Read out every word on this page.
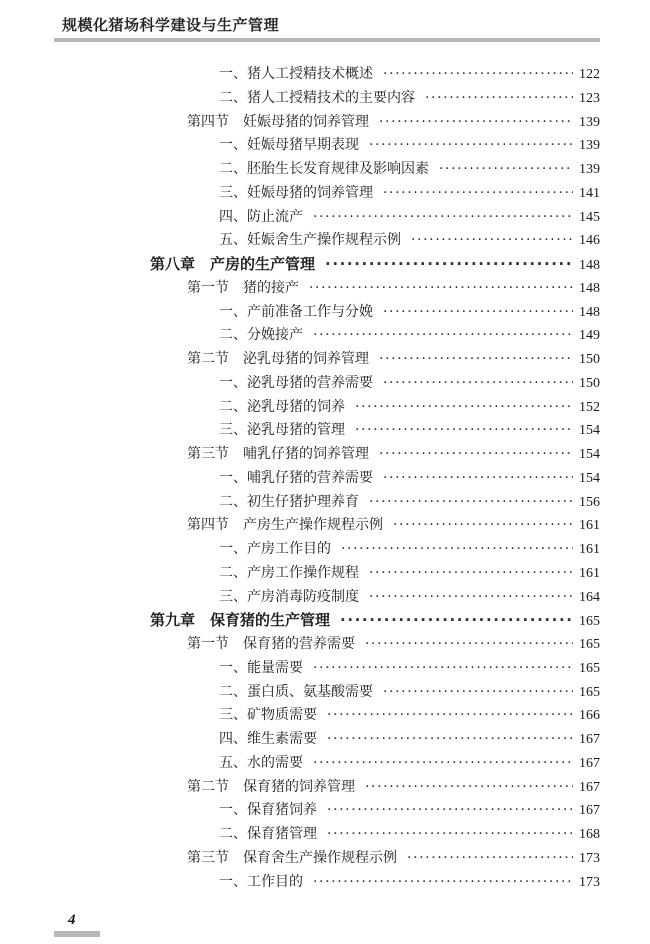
规模化猪场科学建设与生产管理
一、猪人工授精技术概述 ·····	122
二、猪人工授精技术的主要内容 ·····	123
第四节　妊娠母猪的饲养管理 ·····	139
一、妊娠母猪早期表现 ·····	139
二、胚胎生长发育规律及影响因素 ·····	139
三、妊娠母猪的饲养管理 ·····	141
四、防止流产 ·····	145
五、妊娠舍生产操作规程示例 ·····	146
第八章　产房的生产管理 ·····	148
第一节　猪的接产 ·····	148
一、产前准备工作与分娩 ·····	148
二、分娩接产 ·····	149
第二节　泌乳母猪的饲养管理 ·····	150
一、泌乳母猪的营养需要 ·····	150
二、泌乳母猪的饲养 ·····	152
三、泌乳母猪的管理 ·····	154
第三节　哺乳仔猪的饲养管理 ·····	154
一、哺乳仔猪的营养需要 ·····	154
二、初生仔猪护理养育 ·····	156
第四节　产房生产操作规程示例 ·····	161
一、产房工作目的 ·····	161
二、产房工作操作规程 ·····	161
三、产房消毒防疫制度 ·····	164
第九章　保育猪的生产管理 ·····	165
第一节　保育猪的营养需要 ·····	165
一、能量需要 ·····	165
二、蛋白质、氨基酸需要 ·····	165
三、矿物质需要 ·····	166
四、维生素需要 ·····	167
五、水的需要 ·····	167
第二节　保育猪的饲养管理 ·····	167
一、保育猪饲养 ·····	167
二、保育猪管理 ·····	168
第三节　保育舍生产操作规程示例 ·····	173
一、工作目的 ·····	173
4
